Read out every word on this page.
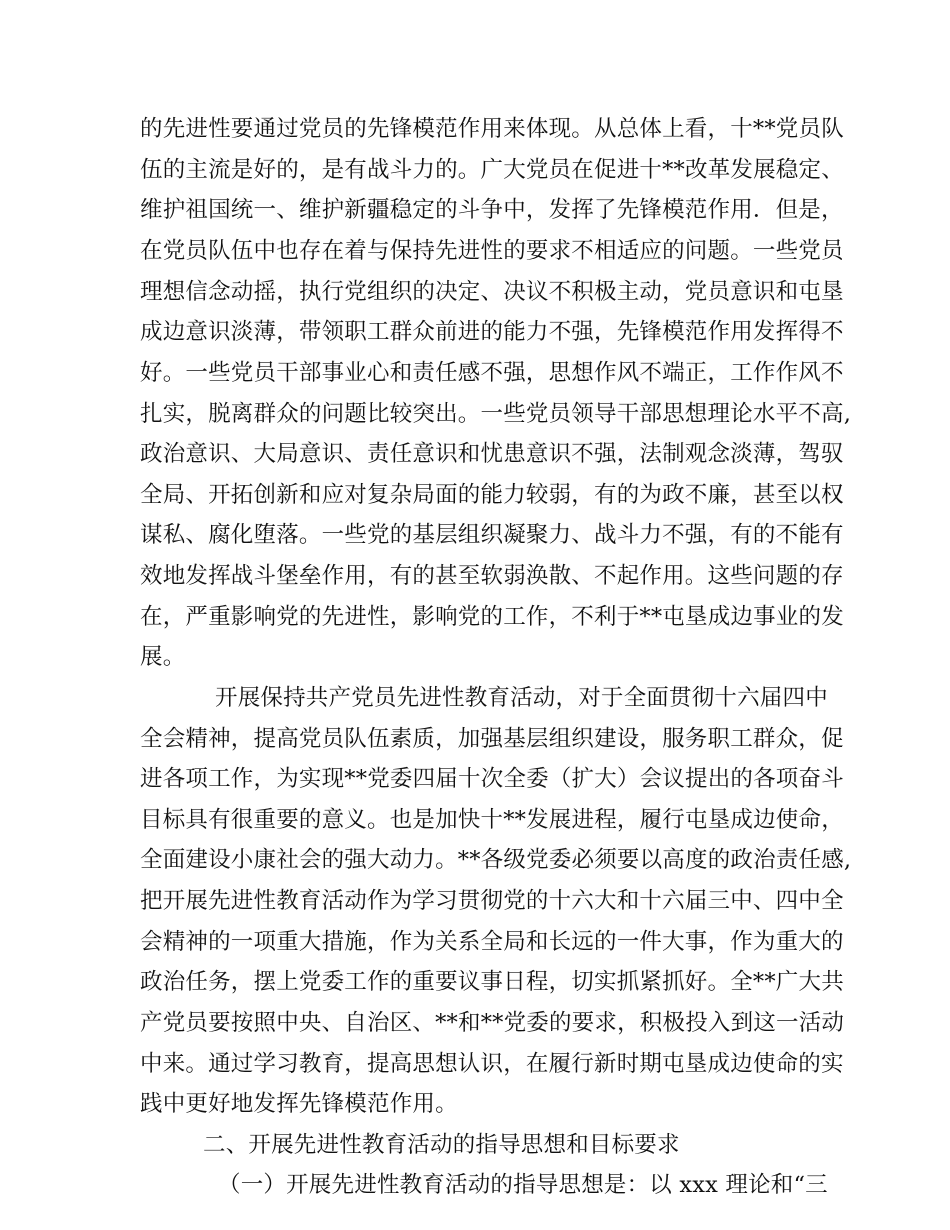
的先进性要通过党员的先锋模范作用来体现。从总体上看，十**党员队
伍的主流是好的，是有战斗力的。广大党员在促进十**改革发展稳定、
维护祖国统一、维护新疆稳定的斗争中，发挥了先锋模范作用．但是，
在党员队伍中也存在着与保持先进性的要求不相适应的问题。一些党员
理想信念动摇，执行党组织的决定、决议不积极主动，党员意识和屯垦
成边意识淡薄，带领职工群众前进的能力不强，先锋模范作用发挥得不
好。一些党员干部事业心和责任感不强，思想作风不端正，工作作风不
扎实，脱离群众的问题比较突出。一些党员领导干部思想理论水平不高,
政治意识、大局意识、责任意识和忧患意识不强，法制观念淡薄，驾驭
全局、开拓创新和应对复杂局面的能力较弱，有的为政不廉，甚至以权
谋私、腐化堕落。一些党的基层组织凝聚力、战斗力不强，有的不能有
效地发挥战斗堡垒作用，有的甚至软弱涣散、不起作用。这些问题的存
在，严重影响党的先进性，影响党的工作，不利于**屯垦成边事业的发
展。
开展保持共产党员先进性教育活动，对于全面贯彻十六届四中
全会精神，提高党员队伍素质，加强基层组织建设，服务职工群众，促
进各项工作，为实现**党委四届十次全委（扩大）会议提出的各项奋斗
目标具有很重要的意义。也是加快十**发展进程，履行屯垦成边使命，
全面建设小康社会的强大动力。**各级党委必须要以高度的政治责任感,
把开展先进性教育活动作为学习贯彻党的十六大和十六届三中、四中全
会精神的一项重大措施，作为关系全局和长远的一件大事，作为重大的
政治任务，摆上党委工作的重要议事日程，切实抓紧抓好。全**广大共
产党员要按照中央、自治区、**和**党委的要求，积极投入到这一活动
中来。通过学习教育，提高思想认识，在履行新时期屯垦成边使命的实
践中更好地发挥先锋模范作用。
二、开展先进性教育活动的指导思想和目标要求
（一）开展先进性教育活动的指导思想是：以 xxx 理论和“三
